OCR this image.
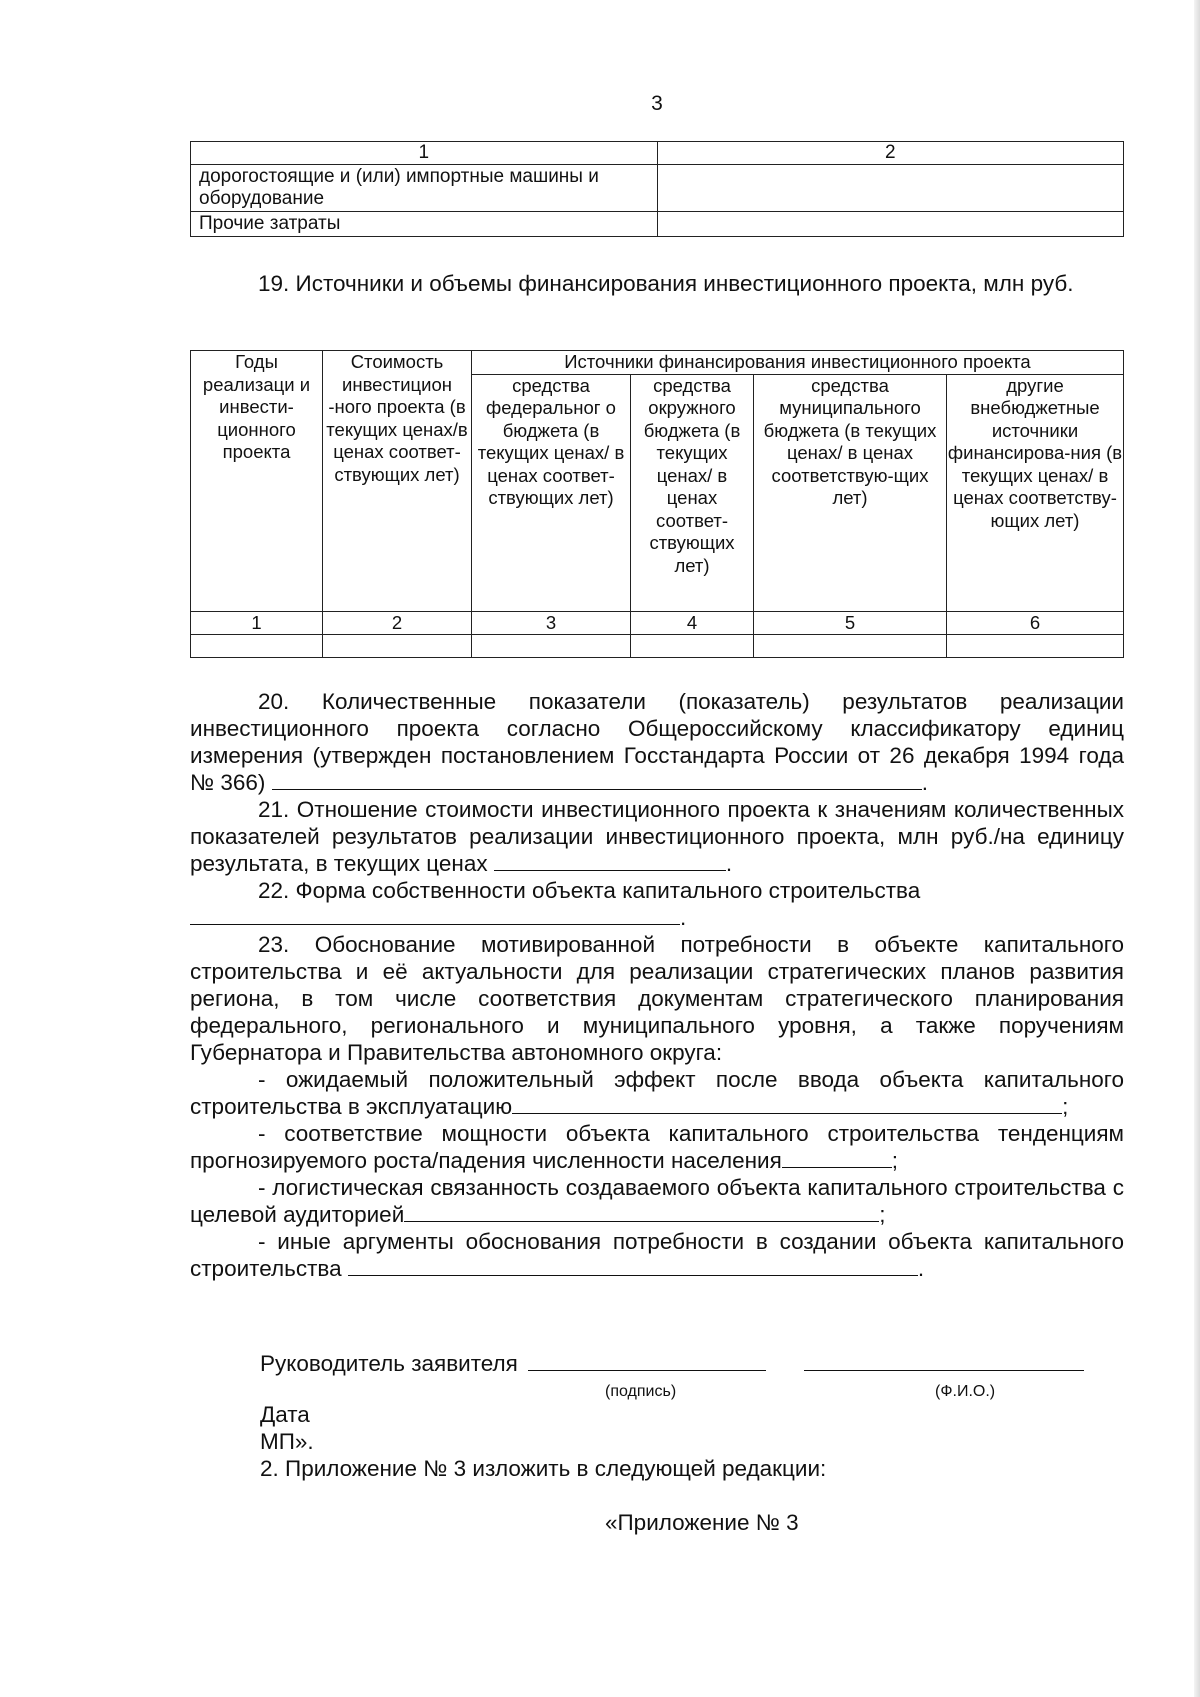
3
1	2
дорогостоящие и (или) импортные машины и оборудование	
Прочие затраты	
19. Источники и объемы финансирования инвестиционного проекта, млн руб.
Годы реализаци и инвести-ционного проекта	Стоимость инвестицион -ного проекта (в текущих ценах/в ценах соответ-ствующих лет)	Источники финансирования инвестиционного проекта			
		средства федеральног о бюджета (в текущих ценах/ в ценах соответ-ствующих лет)	средства окружного бюджета (в текущих ценах/ в ценах соответ-ствующих лет)	средства муниципального бюджета (в текущих ценах/ в ценах соответствую-щих лет)	другие внебюджетные источники финансирова-ния (в текущих ценах/ в ценах соответству-ющих лет)
1	2	3	4	5	6

20. Количественные показатели (показатель) результатов реализации инвестиционного проекта согласно Общероссийскому классификатору единиц измерения (утвержден постановлением Госстандарта России от 26 декабря 1994 года № 366)	.

21. Отношение стоимости инвестиционного проекта к значениям количественных показателей результатов реализации инвестиционного проекта, млн руб./на единицу результата, в текущих ценах	.

22. Форма собственности объекта капитального строительства

.

23. Обоснование мотивированной потребности в объекте капитального строительства и её актуальности для реализации стратегических планов развития региона, в том числе соответствия документам стратегического планирования федерального, регионального и муниципального уровня, а также поручениям Губернатора и Правительства автономного округа:

- ожидаемый положительный эффект после ввода объекта капитального строительства в эксплуатацию	;

- соответствие мощности объекта капитального строительства тенденциям прогнозируемого роста/падения численности населения	;

- логистическая связанность создаваемого объекта капитального строительства с целевой аудиторией	;

- иные аргументы обоснования потребности в создании объекта капитального строительства	.

Руководитель заявителя
(подпись)	(Ф.И.О.)
Дата
МП».
2. Приложение № 3 изложить в следующей редакции:
«Приложение № 3
